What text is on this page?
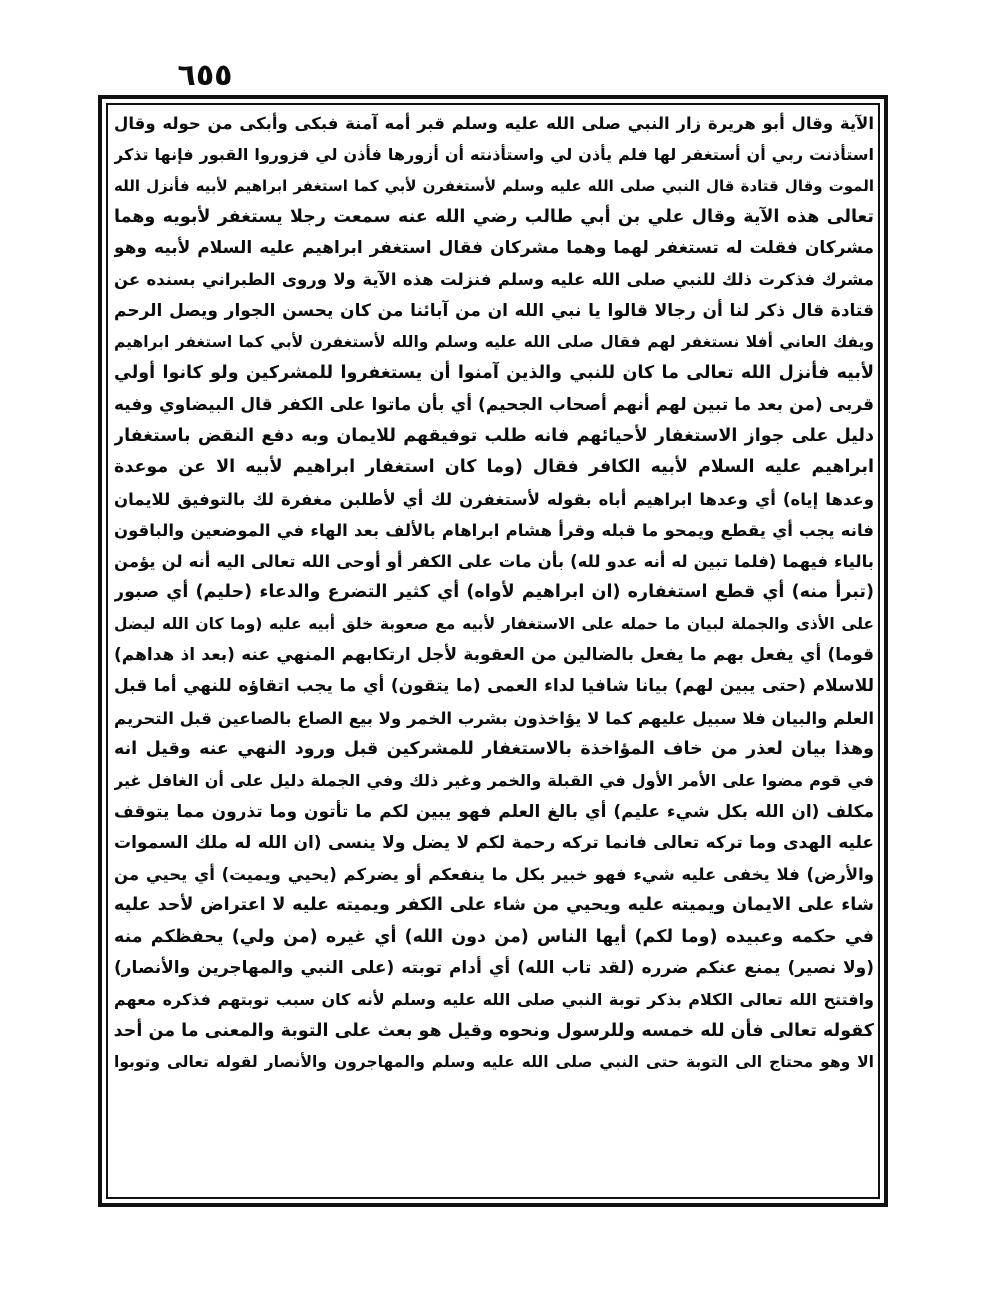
٦٥٥
الآية وقال أبو هريرة زار النبي صلى الله عليه وسلم قبر أمه آمنة فبكى وأبكى من حوله وقال
استأذنت ربي أن أستغفر لها فلم يأذن لي واستأذنته أن أزورها فأذن لي فزوروا القبور فإنها تذكر
الموت وقال قتادة قال النبي صلى الله عليه وسلم لأستغفرن لأبي كما استغفر ابراهيم لأبيه فأنزل الله
تعالى هذه الآية وقال علي بن أبي طالب رضي الله عنه سمعت رجلا يستغفر لأبويه وهما
مشركان فقلت له تستغفر لهما وهما مشركان فقال استغفر ابراهيم عليه السلام لأبيه وهو
مشرك فذكرت ذلك للنبي صلى الله عليه وسلم فنزلت هذه الآية ولا وروى الطبراني بسنده عن
قتادة قال ذكر لنا أن رجالا قالوا يا نبي الله ان من آبائنا من كان يحسن الجوار ويصل الرحم
ويفك العاني أفلا نستغفر لهم فقال صلى الله عليه وسلم والله لأستغفرن لأبي كما استغفر ابراهيم
لأبيه فأنزل الله تعالى ما كان للنبي والذين آمنوا أن يستغفروا للمشركين ولو كانوا أولي
قربى (من بعد ما تبين لهم أنهم أصحاب الجحيم) أي بأن ماتوا على الكفر قال البيضاوي وفيه
دليل على جواز الاستغفار لأحيائهم فانه طلب توفيقهم للايمان وبه دفع النقض باستغفار
ابراهيم عليه السلام لأبيه الكافر فقال (وما كان استغفار ابراهيم لأبيه الا عن موعدة
وعدها إياه) أي وعدها ابراهيم أباه بقوله لأستغفرن لك أي لأطلبن مغفرة لك بالتوفيق للايمان
فانه يجب أي يقطع ويمحو ما قبله وقرأ هشام ابراهام بالألف بعد الهاء في الموضعين والباقون
بالياء فيهما (فلما تبين له أنه عدو لله) بأن مات على الكفر أو أوحى الله تعالى اليه أنه لن يؤمن
(تبرأ منه) أي قطع استغفاره (ان ابراهيم لأواه) أي كثير التضرع والدعاء (حليم) أي صبور
على الأذى والجملة لبيان ما حمله على الاستغفار لأبيه مع صعوبة خلق أبيه عليه (وما كان الله ليضل
قوما) أي يفعل بهم ما يفعل بالضالين من العقوبة لأجل ارتكابهم المنهي عنه (بعد اذ هداهم)
للاسلام (حتى يبين لهم) بيانا شافيا لداء العمى (ما يتقون) أي ما يجب اتقاؤه للنهي أما قبل
العلم والبيان فلا سبيل عليهم كما لا يؤاخذون بشرب الخمر ولا بيع الصاع بالصاعين قبل التحريم
وهذا بيان لعذر من خاف المؤاخذة بالاستغفار للمشركين قبل ورود النهي عنه وقيل انه
في قوم مضوا على الأمر الأول في القبلة والخمر وغير ذلك وفي الجملة دليل على أن الغافل غير
مكلف (ان الله بكل شيء عليم) أي بالغ العلم فهو يبين لكم ما تأتون وما تذرون مما يتوقف
عليه الهدى وما تركه تعالى فانما تركه رحمة لكم لا يضل ولا ينسى (ان الله له ملك السموات
والأرض) فلا يخفى عليه شيء فهو خبير بكل ما ينفعكم أو يضركم (يحيي ويميت) أي يحيي من
شاء على الايمان ويميته عليه ويحيي من شاء على الكفر ويميته عليه لا اعتراض لأحد عليه
في حكمه وعبيده (وما لكم) أيها الناس (من دون الله) أي غيره (من ولي) يحفظكم منه
(ولا نصير) يمنع عنكم ضرره (لقد تاب الله) أي أدام توبته (على النبي والمهاجرين والأنصار)
وافتتح الله تعالى الكلام بذكر توبة النبي صلى الله عليه وسلم لأنه كان سبب توبتهم فذكره معهم
كقوله تعالى فأن لله خمسه وللرسول ونحوه وقيل هو بعث على التوبة والمعنى ما من أحد
الا وهو محتاج الى التوبة حتى النبي صلى الله عليه وسلم والمهاجرون والأنصار لقوله تعالى وتوبوا
